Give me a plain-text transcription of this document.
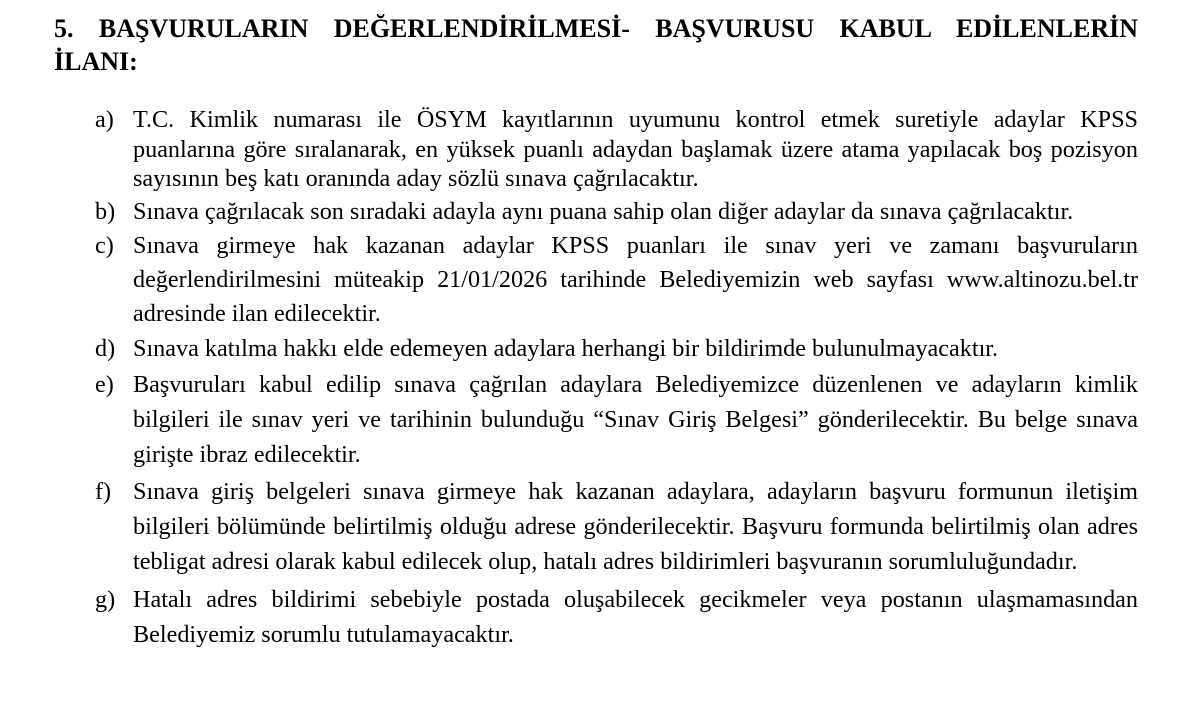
5. BAŞVURULARIN DEĞERLENDİRİLMESİ- BAŞVURUSU KABUL EDİLENLERİN İLANI:
a) T.C. Kimlik numarası ile ÖSYM kayıtlarının uyumunu kontrol etmek suretiyle adaylar KPSS puanlarına göre sıralanarak, en yüksek puanlı adaydan başlamak üzere atama yapılacak boş pozisyon sayısının beş katı oranında aday sözlü sınava çağrılacaktır.
b) Sınava çağrılacak son sıradaki adayla aynı puana sahip olan diğer adaylar da sınava çağrılacaktır.
c) Sınava girmeye hak kazanan adaylar KPSS puanları ile sınav yeri ve zamanı başvuruların değerlendirilmesini müteakip 21/01/2026 tarihinde Belediyemizin web sayfası www.altinozu.bel.tr adresinde ilan edilecektir.
d) Sınava katılma hakkı elde edemeyen adaylara herhangi bir bildirimde bulunulmayacaktır.
e) Başvuruları kabul edilip sınava çağrılan adaylara Belediyemizce düzenlenen ve adayların kimlik bilgileri ile sınav yeri ve tarihinin bulunduğu “Sınav Giriş Belgesi” gönderilecektir. Bu belge sınava girişte ibraz edilecektir.
f) Sınava giriş belgeleri sınava girmeye hak kazanan adaylara, adayların başvuru formunun iletişim bilgileri bölümünde belirtilmiş olduğu adrese gönderilecektir. Başvuru formunda belirtilmiş olan adres tebligat adresi olarak kabul edilecek olup, hatalı adres bildirimleri başvuranın sorumluluğundadır.
g) Hatalı adres bildirimi sebebiyle postada oluşabilecek gecikmeler veya postanın ulaşmamasından Belediyemiz sorumlu tutulamayacaktır.
